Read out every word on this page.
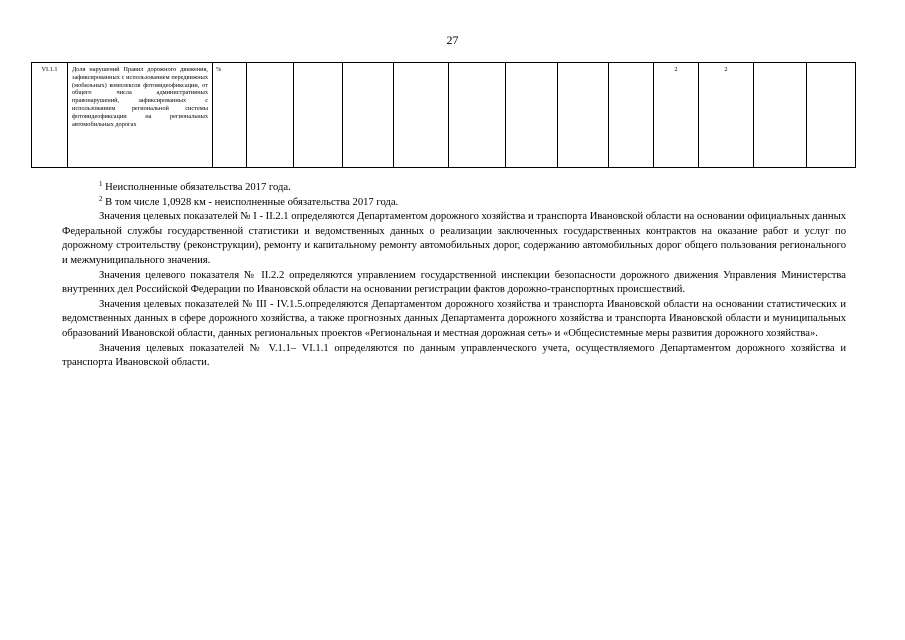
27
VI.1.1	Доля нарушений Правил дорожного движения, зафиксированных с использованием передвижных (мобильных) комплексов фотовидеофиксации, от общего числа административных правонарушений, зафиксированных с использованием региональной системы фотовидеофиксации на региональных автомобильных дорогах	%									2	2		

$^1$ Неисполненные обязательства 2017 года.

$^2$ В том числе 1,0928 км - неисполненные обязательства 2017 года.

Значения целевых показателей № I - II.2.1 определяются Департаментом дорожного хозяйства и транспорта Ивановской области на основании официальных данных Федеральной службы государственной статистики и ведомственных данных о реализации заключенных государственных контрактов на оказание работ и услуг по дорожному строительству (реконструкции), ремонту и капитальному ремонту автомобильных дорог, содержанию автомобильных дорог общего пользования регионального и межмуниципального значения.

Значения целевого показателя № II.2.2 определяются управлением государственной инспекции безопасности дорожного движения Управления Министерства внутренних дел Российской Федерации по Ивановской области на основании регистрации фактов дорожно-транспортных происшествий.

Значения целевых показателей № III - IV.1.5.определяются Департаментом дорожного хозяйства и транспорта Ивановской области на основании статистических и ведомственных данных в сфере дорожного хозяйства, а также прогнозных данных Департамента дорожного хозяйства и транспорта Ивановской области и муниципальных образований Ивановской области, данных региональных проектов «Региональная и местная дорожная сеть» и «Общесистемные меры развития дорожного хозяйства».

Значения целевых показателей № V.1.1– VI.1.1 определяются по данным управленческого учета, осуществляемого Департаментом дорожного хозяйства и транспорта Ивановской области.
